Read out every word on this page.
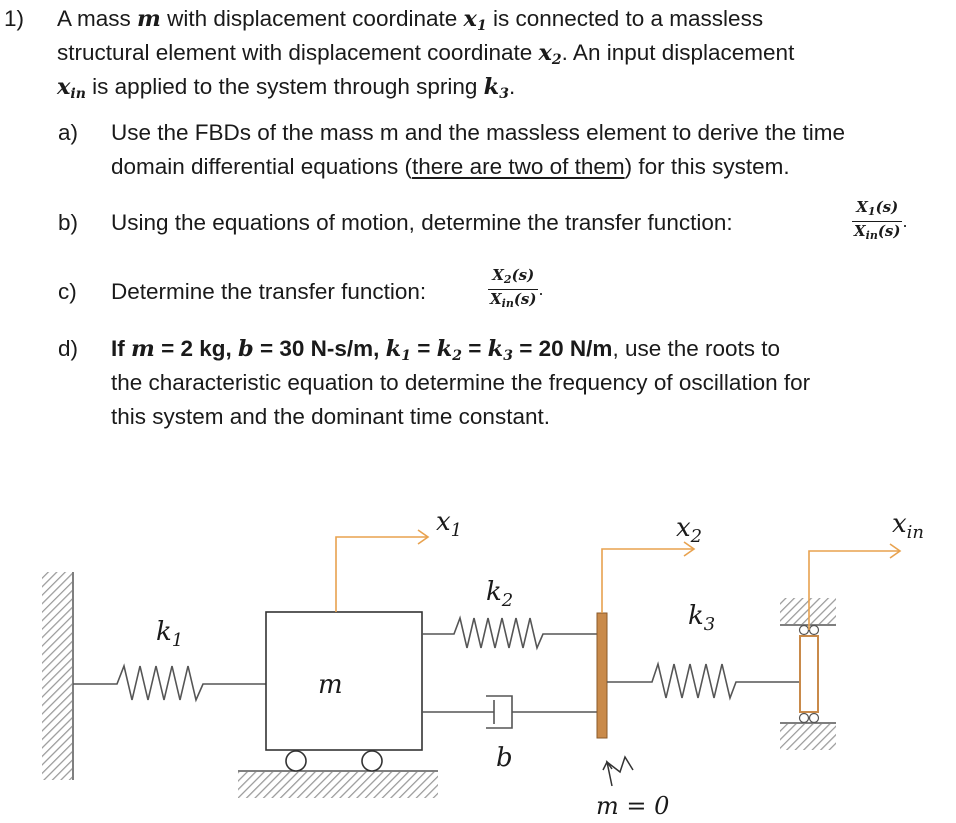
1) A mass m with displacement coordinate $x_1$ is connected to a massless
structural element with displacement coordinate $x_2$. An input displacement
$x_{in}$ is applied to the system through spring $k_3$.
a) Use the FBDs of the mass m and the massless element to derive the time
domain differential equations (there are two of them) for this system.
b) Using the equations of motion, determine the transfer function:	$\frac{X_1(s)}{X_{in}(s)}$ .
c) Determine the transfer function:	$\frac{X_2(s)}{X_{in}(s)}$ .
d) If m = 2 kg, b = 30 N-s/m, $k_1 = k_2 = k_3 = 20$ N/m, use the roots to
the characteristic equation to determine the frequency of oscillation for
this system and the dominant time constant.
$x_1$	$x_2$	$x_{in}$
$k_1$
$k_2$
$k_3$
m
b
m = 0
